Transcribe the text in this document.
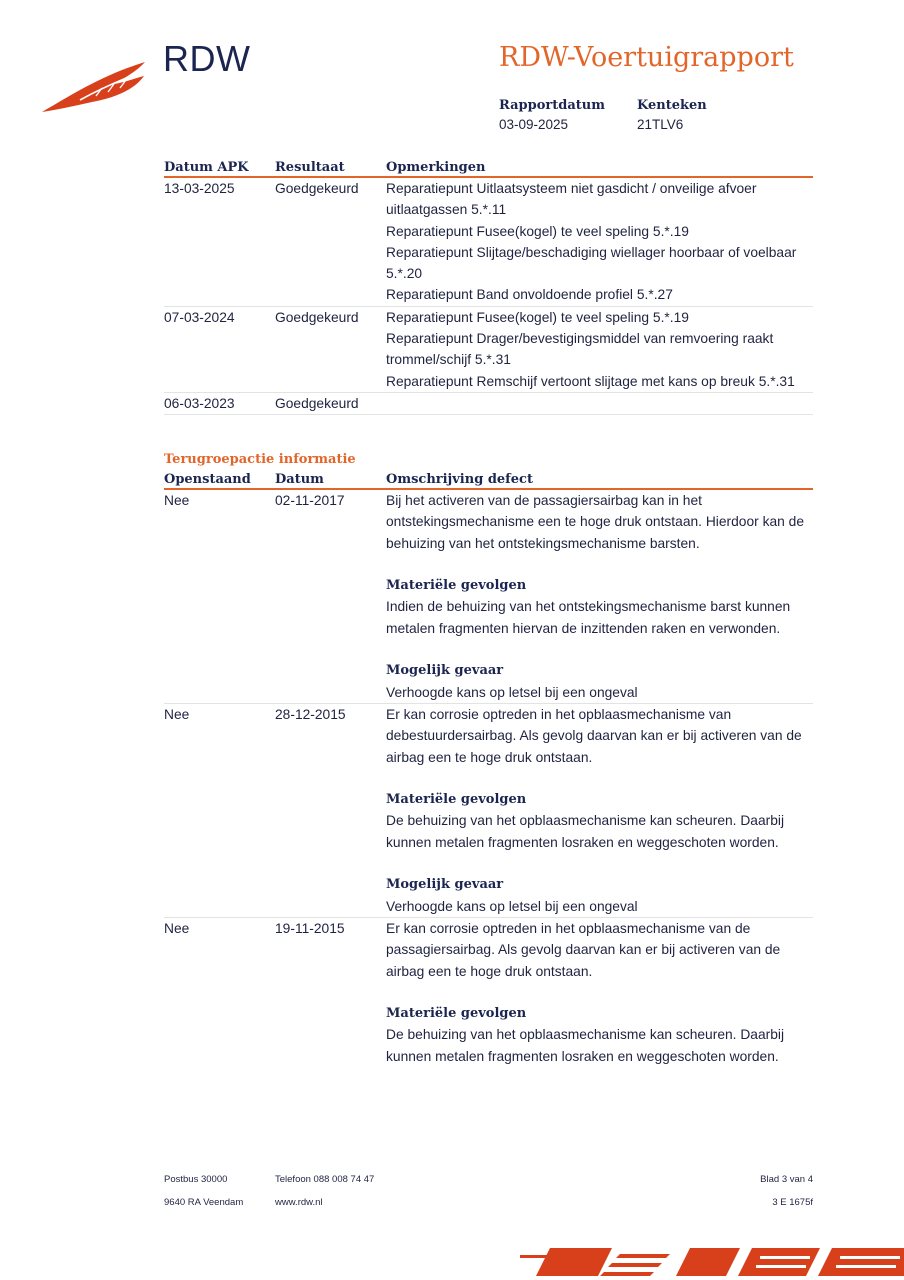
RDW	RDW-Voertuigrapport
Rapportdatum
03-09-2025
Kenteken
21TLV6
Datum APK	Resultaat	Opmerkingen
13-03-2025	Goedgekeurd	Reparatiepunt Uitlaatsysteem niet gasdicht / onveilige afvoer
uitlaatgassen 5.*.11
Reparatiepunt Fusee(kogel) te veel speling 5.*.19
Reparatiepunt Slijtage/beschadiging wiellager hoorbaar of voelbaar
5.*.20
Reparatiepunt Band onvoldoende profiel 5.*.27
07-03-2024	Goedgekeurd	Reparatiepunt Fusee(kogel) te veel speling 5.*.19
Reparatiepunt Drager/bevestigingsmiddel van remvoering raakt
trommel/schijf 5.*.31
Reparatiepunt Remschijf vertoont slijtage met kans op breuk 5.*.31
06-03-2023	Goedgekeurd
Terugroepactie informatie
Openstaand	Datum	Omschrijving defect
Nee	02-11-2017	Bij het activeren van de passagiersairbag kan in het
ontstekingsmechanisme een te hoge druk ontstaan. Hierdoor kan de
behuizing van het ontstekingsmechanisme barsten.
Materiële gevolgen
Indien de behuizing van het ontstekingsmechanisme barst kunnen
metalen fragmenten hiervan de inzittenden raken en verwonden.
Mogelijk gevaar
Verhoogde kans op letsel bij een ongeval
Nee	28-12-2015	Er kan corrosie optreden in het opblaasmechanisme van
debestuurdersairbag. Als gevolg daarvan kan er bij activeren van de
airbag een te hoge druk ontstaan.
Materiële gevolgen
De behuizing van het opblaasmechanisme kan scheuren. Daarbij
kunnen metalen fragmenten losraken en weggeschoten worden.
Mogelijk gevaar
Verhoogde kans op letsel bij een ongeval
Nee	19-11-2015	Er kan corrosie optreden in het opblaasmechanisme van de
passagiersairbag. Als gevolg daarvan kan er bij activeren van de
airbag een te hoge druk ontstaan.
Materiële gevolgen
De behuizing van het opblaasmechanisme kan scheuren. Daarbij
kunnen metalen fragmenten losraken en weggeschoten worden.
Postbus 30000
9640 RA Veendam
Telefoon 088 008 74 47
www.rdw.nl
Blad 3 van 4
3 E 1675f
